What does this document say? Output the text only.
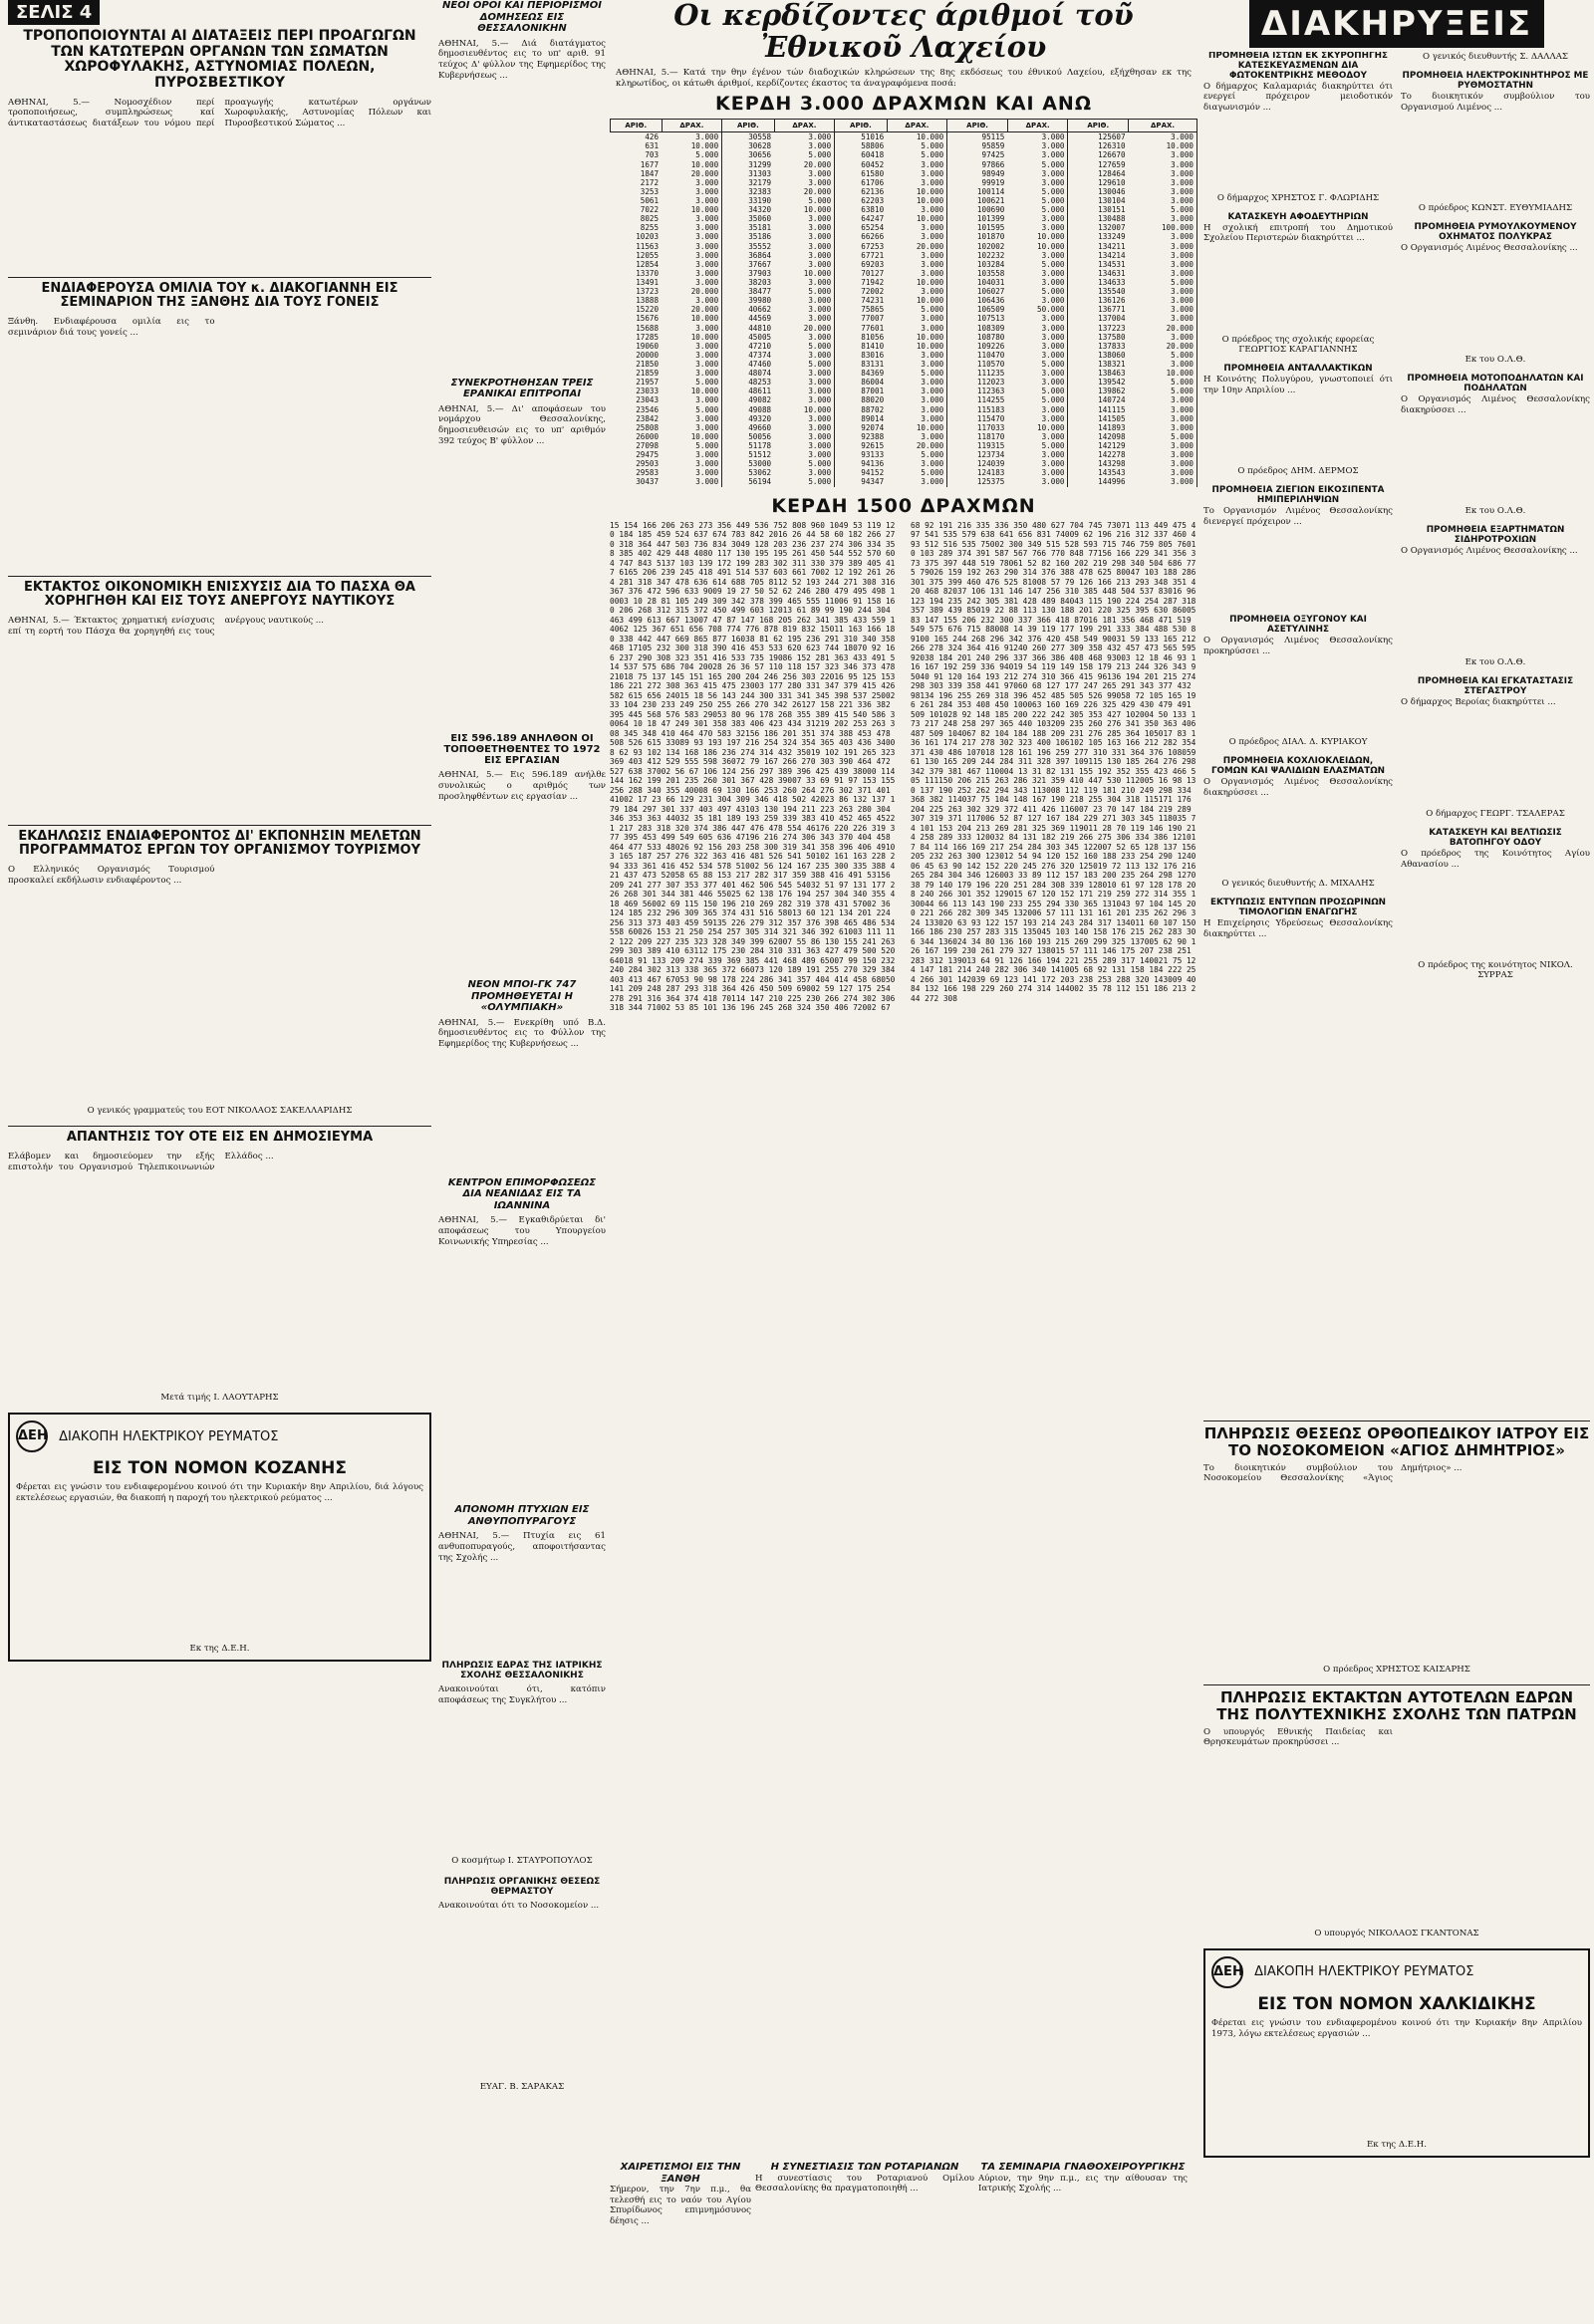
ΣΕΛΙΣ 4
ΤΡΟΠΟΠΟΙΟΥΝΤΑΙ ΑΙ ΔΙΑΤΑΞΕΙΣ ΠΕΡΙ ΠΡΟΑΓΩΓΩΝ ΤΩΝ ΚΑΤΩΤΕΡΩΝ ΟΡΓΑΝΩΝ ΤΩΝ ΣΩΜΑΤΩΝ ΧΩΡΟΦΥΛΑΚΗΣ, ΑΣΤΥΝΟΜΙΑΣ ΠΟΛΕΩΝ, ΠΥΡΟΣΒΕΣΤΙΚΟΥ
ΑΘΗΝΑΙ, 5.— Νομοσχέδιον περί τροποποιήσεως, συμπληρώσεως καί άντικαταστάσεως διατάξεων του νόμου περί προαγωγής κατωτέρων οργάνων Χωροφυλακής, Αστυνομίας Πόλεων και Πυροσβεστικού Σώματος ...
ΕΝΔΙΑΦΕΡΟΥΣΑ ΟΜΙΛΙΑ ΤΟΥ κ. ΔΙΑΚΟΓΙΑΝΝΗ ΕΙΣ ΣΕΜΙΝΑΡΙΟΝ ΤΗΣ ΞΑΝΘΗΣ ΔΙΑ ΤΟΥΣ ΓΟΝΕΙΣ
Ξάνθη. Ενδιαφέρουσα ομιλία εις το σεμινάριον διά τους γονείς ...
ΕΚΤΑΚΤΟΣ ΟΙΚΟΝΟΜΙΚΗ ΕΝΙΣΧΥΣΙΣ ΔΙΑ ΤΟ ΠΑΣΧΑ ΘΑ ΧΟΡΗΓΗΘΗ ΚΑΙ ΕΙΣ ΤΟΥΣ ΑΝΕΡΓΟΥΣ ΝΑΥΤΙΚΟΥΣ
ΑΘΗΝΑΙ, 5.— Έκτακτος χρηματική ενίσχυσις επί τη εορτή του Πάσχα θα χορηγηθή εις τους ανέργους ναυτικούς ...
ΕΚΔΗΛΩΣΙΣ ΕΝΔΙΑΦΕΡΟΝΤΟΣ ΔΙ' ΕΚΠΟΝΗΣΙΝ ΜΕΛΕΤΩΝ ΠΡΟΓΡΑΜΜΑΤΟΣ ΕΡΓΩΝ ΤΟΥ ΟΡΓΑΝΙΣΜΟΥ ΤΟΥΡΙΣΜΟΥ
Ο Ελληνικός Οργανισμός Τουρισμού προσκαλεί εκδήλωσιν ενδιαφέροντος ...
Ο γενικός γραμματεύς του ΕΟΤ ΝΙΚΟΛΑΟΣ ΣΑΚΕΛΛΑΡΙΔΗΣ
ΑΠΑΝΤΗΣΙΣ ΤΟΥ ΟΤΕ ΕΙΣ ΕΝ ΔΗΜΟΣΙΕΥΜΑ
Ελάβομεν και δημοσιεύομεν την εξής επιστολήν του Οργανισμού Τηλεπικοινωνιών Ελλάδος ...
Μετά τιμής Ι. ΛΑΟΥΤΑΡΗΣ
ΔΕΗ ΔΙΑΚΟΠΗ ΗΛΕΚΤΡΙΚΟΥ ΡΕΥΜΑΤΟΣ
ΕΙΣ ΤΟΝ ΝΟΜΟΝ ΚΟΖΑΝΗΣ
Φέρεται εις γνώσιν του ενδιαφερομένου κοινού ότι την Κυριακήν 8ην Απριλίου, διά λόγους εκτελέσεως εργασιών, θα διακοπή η παροχή του ηλεκτρικού ρεύματος ...
Εκ της Δ.Ε.Η.
ΝΕΟΙ ΟΡΟΙ ΚΑΙ ΠΕΡΙΟΡΙΣΜΟΙ ΔΟΜΗΣΕΩΣ ΕΙΣ ΘΕΣΣΑΛΟΝΙΚΗΝ
ΑΘΗΝΑΙ, 5.— Διά διατάγματος δημοσιευθέντος εις το υπ' αριθ. 91 τεύχος Δ' φύλλον της Εφημερίδος της Κυβερνήσεως ...
ΣΥΝΕΚΡΟΤΗΘΗΣΑΝ ΤΡΕΙΣ ΕΡΑΝΙΚΑΙ ΕΠΙΤΡΟΠΑΙ
ΑΘΗΝΑΙ, 5.— Δι' αποφάσεων του νομάρχου Θεσσαλονίκης, δημοσιευθεισών εις το υπ' αριθμόν 392 τεύχος Β' φύλλον ...
ΕΙΣ 596.189 ΑΝΗΛΘΟΝ ΟΙ ΤΟΠΟΘΕΤΗΘΕΝΤΕΣ ΤΟ 1972 ΕΙΣ ΕΡΓΑΣΙΑΝ
ΑΘΗΝΑΙ, 5.— Εις 596.189 ανήλθε συνολικώς ο αριθμός των προσληφθέντων εις εργασίαν ...
ΝΕΟΝ ΜΠΟΙ-ΓΚ 747 ΠΡΟΜΗΘΕΥΕΤΑΙ Η «ΟΛΥΜΠΙΑΚΗ»
ΑΘΗΝΑΙ, 5.— Ενεκρίθη υπό Β.Δ. δημοσιευθέντος εις το Φύλλον της Εφημερίδος της Κυβερνήσεως ...
ΚΕΝΤΡΟΝ ΕΠΙΜΟΡΦΩΣΕΩΣ ΔΙΑ ΝΕΑΝΙΔΑΣ ΕΙΣ ΤΑ ΙΩΑΝΝΙΝΑ
ΑΘΗΝΑΙ, 5.— Εγκαθιδρύεται δι' αποφάσεως του Υπουργείου Κοινωνικής Υπηρεσίας ...
ΑΠΟΝΟΜΗ ΠΤΥΧΙΩΝ ΕΙΣ ΑΝΘΥΠΟΠΥΡΑΓΟΥΣ
ΑΘΗΝΑΙ, 5.— Πτυχία εις 61 ανθυποπυραγούς, αποφοιτήσαντας της Σχολής ...
ΠΛΗΡΩΣΙΣ ΕΔΡΑΣ ΤΗΣ ΙΑΤΡΙΚΗΣ ΣΧΟΛΗΣ ΘΕΣΣΑΛΟΝΙΚΗΣ
Ανακοινούται ότι, κατόπιν αποφάσεως της Συγκλήτου ...
Ο κοσμήτωρ Ι. ΣΤΑΥΡΟΠΟΥΛΟΣ
ΠΛΗΡΩΣΙΣ ΟΡΓΑΝΙΚΗΣ ΘΕΣΕΩΣ ΘΕΡΜΑΣΤΟΥ
Ανακοινούται ότι το Νοσοκομείον ...
ΕΥΑΓ. Β. ΣΑΡΑΚΑΣ
Οι κερδίζοντες άριθμοί τοῦ Ἐθνικοῦ Λαχείου
ΑΘΗΝΑΙ, 5.— Κατά την θην έγένον τών διαδοχικών κληρώσεων της 8ης εκδόσεως του έθνικού Λαχείου, εξήχθησαν εκ της κληρωτίδος, οι κάτωθι άριθμοί, κερδίζοντες έκαστος τα άναγραφόμενα ποσά:
ΚΕΡΔΗ 3.000 ΔΡΑΧΜΩΝ ΚΑΙ ΑΝΩ
ΑΡΙΘ.	ΔΡΑΧ.	ΑΡΙΘ.	ΔΡΑΧ.	ΑΡΙΘ.	ΔΡΑΧ.	ΑΡΙΘ.	ΔΡΑΧ.	ΑΡΙΘ.	ΔΡΑΧ.
426	3.000	30558	3.000	51016	10.000	95115	3.000	125607	3.000
631	10.000	30628	3.000	58806	5.000	95859	3.000	126310	10.000
703	5.000	30656	5.000	60418	5.000	97425	3.000	126670	3.000
1677	10.000	31299	20.000	60452	3.000	97866	5.000	127659	3.000
1847	20.000	31303	3.000	61580	3.000	98949	3.000	128464	3.000
2172	3.000	32179	3.000	61706	3.000	99919	3.000	129610	3.000
3253	3.000	32383	20.000	62136	10.000	100114	5.000	130046	3.000
5061	3.000	33190	5.000	62203	10.000	100621	5.000	130104	3.000
7022	10.000	34320	10.000	63810	3.000	100690	5.000	130151	5.000
8025	3.000	35060	3.000	64247	10.000	101399	3.000	130488	3.000
8255	3.000	35181	3.000	65254	3.000	101595	3.000	132007	100.000
10203	3.000	35186	3.000	66266	3.000	101870	10.000	133249	3.000
11563	3.000	35552	3.000	67253	20.000	102002	10.000	134211	3.000
12055	3.000	36864	3.000	67721	3.000	102232	3.000	134214	3.000
12854	3.000	37667	3.000	69203	3.000	103284	5.000	134531	3.000
13370	3.000	37903	10.000	70127	3.000	103558	3.000	134631	3.000
13491	3.000	38203	3.000	71942	10.000	104031	3.000	134633	5.000
13723	20.000	38477	5.000	72002	3.000	106027	5.000	135540	3.000
13888	3.000	39980	3.000	74231	10.000	106436	3.000	136126	3.000
15220	20.000	40662	3.000	75865	5.000	106509	50.000	136771	3.000
15676	10.000	44569	3.000	77007	3.000	107513	3.000	137004	3.000
15688	3.000	44810	20.000	77601	3.000	108309	3.000	137223	20.000
17285	10.000	45005	3.000	81056	10.000	108780	3.000	137580	3.000
19060	3.000	47210	5.000	81410	10.000	109226	3.000	137833	20.000
20000	3.000	47374	3.000	83016	3.000	110470	3.000	138060	5.000
21850	3.000	47460	5.000	83131	3.000	110570	5.000	138321	3.000
21859	3.000	48074	3.000	84369	5.000	111235	3.000	138463	10.000
21957	5.000	48253	3.000	86004	3.000	112023	3.000	139542	5.000
23033	10.000	48611	3.000	87001	3.000	112363	5.000	139862	5.000
23043	3.000	49082	3.000	88020	3.000	114255	5.000	140724	3.000
23546	5.000	49088	10.000	88702	3.000	115183	3.000	141115	3.000
23842	3.000	49320	3.000	89014	3.000	115470	3.000	141505	3.000
25808	3.000	49660	3.000	92074	10.000	117033	10.000	141893	3.000
26000	10.000	50056	3.000	92388	3.000	118170	3.000	142098	5.000
27098	5.000	51178	3.000	92615	20.000	119315	5.000	142129	3.000
29475	3.000	51512	3.000	93133	5.000	123734	3.000	142278	3.000
29503	3.000	53000	5.000	94136	3.000	124039	3.000	143298	3.000
29583	3.000	53062	3.000	94152	5.000	124183	3.000	143543	3.000
30437	3.000	56194	5.000	94347	3.000	125375	3.000	144996	3.000
ΚΕΡΔΗ 1500 ΔΡΑΧΜΩΝ
15 154 166 206 263 273 356 449 536 752 808 960 1049 53 119 120 184 185 459 524 637 674 783 842 2016 26 44 58 60 182 266 270 318 364 447 503 736 834 3049 128 203 236 237 274 306 334 358 385 402 429 448 4080 117 130 195 195 261 450 544 552 570 604 747 843 5137 103 139 172 199 283 302 311 330 379 389 405 417 6165 206 239 245 418 491 514 537 603 661 7002 12 192 261 264 281 318 347 478 636 614 688 705 8112 52 193 244 271 308 316 367 376 472 596 633 9009 19 27 50 52 62 246 280 479 495 498 10003 10 28 81 105 249 309 342 378 399 465 555 11006 91 158 160 206 268 312 315 372 450 499 603 12013 61 89 99 190 244 304 463 499 613 667 13007 47 87 147 168 205 262 341 385 433 559 14062 125 367 651 656 708 774 776 878 819 832 15011 163 166 180 338 442 447 669 865 877 16038 81 62 195 236 291 310 340 358 468 17105 232 300 318 390 416 453 533 620 623 744 18070 92 166 237 290 308 323 351 416 533 735 19086 152 281 363 433 491 514 537 575 686 704 20028 26 36 57 110 118 157 323 346 373 478 21018 75 137 145 151 165 200 204 246 256 303 22016 95 125 153 186 221 272 308 363 415 475 23003 177 280 331 347 379 415 426 582 615 656 24015 18 56 143 244 300 331 341 345 398 537 25002 33 104 230 233 249 250 255 266 270 342 26127 158 221 336 382 395 445 568 576 583 29053 80 96 178 268 355 389 415 540 586 30064 10 18 47 249 301 358 383 406 423 434 31219 202 253 263 308 345 348 410 464 470 583 32156 186 201 351 374 388 453 478 508 526 615 33089 93 193 197 216 254 324 354 365 403 436 34008 62 93 102 134 168 186 236 274 314 432 35019 102 191 265 323 369 403 412 529 555 598 36072 79 167 266 270 303 390 464 472 527 638 37002 56 67 106 124 256 297 389 396 425 439 38000 114 144 162 199 201 235 260 301 367 428 39007 33 69 91 97 153 155 256 288 340 355 40008 69 130 166 253 260 264 276 302 371 401 41002 17 23 66 129 231 304 309 346 418 502 42023 86 132 137 179 184 297 301 337 403 497 43103 130 194 211 223 263 280 304 346 353 363 44032 35 181 189 193 259 339 383 410 452 465 45221 217 283 318 320 374 386 447 476 478 554 46176 220 226 319 377 395 453 499 549 605 636 47196 216 274 306 343 370 404 458 464 477 533 48026 92 156 203 258 300 319 341 358 396 406 49103 165 187 257 276 322 363 416 481 526 541 50102 161 163 228 294 333 361 416 452 534 578 51002 56 124 167 235 300 335 388 421 437 473 52058 65 88 153 217 282 317 359 388 416 491 53156 209 241 277 307 353 377 401 462 506 545 54032 51 97 131 177 226 268 301 344 381 446 55025 62 138 176 194 257 304 340 355 418 469 56002 69 115 150 196 210 269 282 319 378 431 57002 36 124 185 232 296 309 365 374 431 516 58013 60 121 134 201 224 256 313 373 403 459 59135 226 279 312 357 376 398 465 486 534 558 60026 153 21 250 254 257 305 314 321 346 392 61003 111 112 122 209 227 235 323 328 349 399 62007 55 86 130 155 241 263 299 303 389 410 63112 175 230 284 310 331 363 427 479 500 520 64018 91 133 209 274 339 369 385 441 468 489 65007 99 150 232 240 284 302 313 338 365 372 66073 120 189 191 255 270 329 384 403 413 467 67053 90 98 178 224 286 341 357 404 414 458 68050 141 209 248 287 293 318 364 426 450 509 69002 59 127 175 254 278 291 316 364 374 418 70114 147 210 225 230 266 274 302 306 318 344 71002 53 85 101 136 196 245 268 324 350 406 72002 67 68 92 191 216 335 336 350 480 627 704 745 73071 113 449 475 497 541 535 579 638 641 656 831 74009 62 196 216 312 337 460 493 512 516 535 75002 300 349 515 528 593 715 746 759 805 76010 103 289 374 391 587 567 766 770 848 77156 166 229 341 356 373 375 397 448 519 78061 52 82 160 202 219 298 340 504 686 775 79026 159 192 263 290 314 376 388 478 625 80047 103 188 286 301 375 399 460 476 525 81008 57 79 126 166 213 293 348 351 420 468 82037 106 131 146 147 256 310 385 448 504 537 83016 96 123 194 235 242 305 381 428 489 84043 115 190 224 254 287 318 357 389 439 85019 22 88 113 130 188 201 220 325 395 630 86005 83 147 155 206 232 300 337 366 418 87016 181 356 468 471 519 549 575 676 715 88008 14 39 119 177 199 291 333 384 488 530 89100 165 244 268 296 342 376 420 458 549 90031 59 133 165 212 266 278 324 364 416 91240 260 277 309 358 432 457 473 565 595 92038 184 201 240 296 337 366 386 408 468 93003 12 18 46 93 116 167 192 259 336 94019 54 119 149 158 179 213 244 326 343 95040 91 120 164 193 212 274 310 366 415 96136 194 201 215 274 298 303 339 358 441 97060 68 127 177 247 265 291 343 377 432 98134 196 255 269 318 396 452 485 505 526 99058 72 105 165 196 261 284 353 408 450 100063 160 169 226 325 429 430 479 491 509 101028 92 148 185 200 222 242 305 353 427 102004 50 133 173 217 248 258 297 365 440 103209 235 260 276 341 350 363 406 487 509 104067 82 104 184 188 209 231 276 285 364 105017 83 136 161 174 217 278 302 323 400 106102 105 163 166 212 282 354 371 430 486 107018 128 161 196 259 277 310 331 364 376 108059 61 130 165 209 244 284 311 328 397 109115 130 185 264 276 298 342 379 381 467 110004 13 31 82 131 155 192 352 355 423 466 505 111150 206 215 263 286 321 359 410 447 530 112005 16 98 130 137 190 252 262 294 343 113008 112 119 181 210 249 298 334 368 382 114037 75 104 148 167 190 218 255 304 318 115171 176 204 225 263 302 329 372 411 426 116007 23 70 147 184 219 289 307 319 371 117006 52 87 127 167 184 229 271 303 345 118035 74 101 153 204 213 269 281 325 369 119011 28 70 119 146 190 214 258 289 333 120032 84 131 182 219 266 275 306 334 386 121017 84 114 166 169 217 254 284 303 345 122007 52 65 128 137 156 205 232 263 300 123012 54 94 120 152 160 188 233 254 290 124006 45 63 90 142 152 220 245 276 320 125019 72 113 132 176 216 265 284 304 346 126003 33 89 112 157 183 200 235 264 298 127038 79 140 179 196 220 251 284 308 339 128010 61 97 128 178 208 240 266 301 352 129015 67 120 152 171 219 259 272 314 355 130044 66 113 143 190 233 255 294 330 365 131043 97 104 145 200 221 266 282 309 345 132006 57 111 131 161 201 235 262 296 324 133020 63 93 122 157 193 214 243 284 317 134011 60 107 150 166 186 230 257 283 315 135045 103 140 158 176 215 262 283 306 344 136024 34 80 136 160 193 215 269 299 325 137005 62 90 126 167 199 230 261 279 327 138015 57 111 146 175 207 238 251 283 312 139013 64 91 126 166 194 221 255 289 317 140021 75 124 147 181 214 240 282 306 340 141005 68 92 131 158 184 222 254 266 301 142039 69 123 141 172 203 238 253 288 320 143009 40 84 132 166 198 229 260 274 314 144002 35 78 112 151 186 213 244 272 308
ΧΑΙΡΕΤΙΣΜΟΙ ΕΙΣ ΤΗΝ ΞΑΝΘΗ
Σήμερον, την 7ην π.μ., θα τελεσθή εις το ναόν του Αγίου Σπυρίδωνος επιμνημόσυνος δέησις ...
Η ΣΥΝΕΣΤΙΑΣΙΣ ΤΩΝ ΡΟΤΑΡΙΑΝΩΝ
Η συνεστίασις του Ροταριανού Ομίλου Θεσσαλονίκης θα πραγματοποιηθή ...
ΤΑ ΣΕΜΙΝΑΡΙΑ ΓΝΑΘΟΧΕΙΡΟΥΡΓΙΚΗΣ
Αύριον, την 9ην π.μ., εις την αίθουσαν της Ιατρικής Σχολής ...
ΔΙΑΚΗΡΥΞΕΙΣ
ΠΡΟΜΗΘΕΙΑ ΙΣΤΩΝ ΕΚ ΣΚΥΡΟΠΗΓΗΣ ΚΑΤΕΣΚΕΥΑΣΜΕΝΩΝ ΔΙΑ ΦΩΤΟΚΕΝΤΡΙΚΗΣ ΜΕΘΟΔΟΥ
Ο δήμαρχος Καλαμαριάς διακηρύττει ότι ενεργεί πρόχειρον μειοδοτικόν διαγωνισμόν ...
Ο δήμαρχος ΧΡΗΣΤΟΣ Γ. ΦΛΩΡΙΔΗΣ
ΚΑΤΑΣΚΕΥΗ ΑΦΟΔΕΥΤΗΡΙΩΝ
Η σχολική επιτροπή του Δημοτικού Σχολείου Περιστερών διακηρύττει ...
Ο πρόεδρος της σχολικής εφορείας ΓΕΩΡΓΙΟΣ ΚΑΡΑΓΙΑΝΝΗΣ
ΠΡΟΜΗΘΕΙΑ ΑΝΤΑΛΛΑΚΤΙΚΩΝ
Η Κοινότης Πολυγύρου, γνωστοποιεί ότι την 10ην Απριλίου ...
Ο πρόεδρος ΔΗΜ. ΔΕΡΜΟΣ
ΠΡΟΜΗΘΕΙΑ ΖΙΕΓΙΩΝ ΕΙΚΟΣΙΠΕΝΤΑ ΗΜΙΠΕΡΙΛΗΨΙΩΝ
Το Οργανισμόν Λιμένος Θεσσαλονίκης διενεργεί πρόχειρον ...
ΠΡΟΜΗΘΕΙΑ ΟΞΥΓΟΝΟΥ ΚΑΙ ΑΣΕΤΥΛΙΝΗΣ
Ο Οργανισμός Λιμένος Θεσσαλονίκης προκηρύσσει ...
Ο πρόεδρος ΔΙΑΛ. Δ. ΚΥΡΙΑΚΟΥ
ΠΡΟΜΗΘΕΙΑ ΚΟΧΛΙΟΚΛΕΙΔΩΝ, ΓΟΜΩΝ ΚΑΙ ΨΑΛΙΔΙΩΝ ΕΛΑΣΜΑΤΩΝ
Ο Οργανισμός Λιμένος Θεσσαλονίκης διακηρύσσει ...
Ο γενικός διευθυντής Δ. ΜΙΧΑΛΗΣ
ΕΚΤΥΠΩΣΙΣ ΕΝΤΥΠΩΝ ΠΡΟΣΩΡΙΝΩΝ ΤΙΜΟΛΟΓΙΩΝ ΕΝΑΓΩΓΗΣ
Η Επιχείρησις Υδρεύσεως Θεσσαλονίκης διακηρύττει ...
Ο γενικός διευθυντής Σ. ΔΑΛΛΑΣ
ΠΡΟΜΗΘΕΙΑ ΗΛΕΚΤΡΟΚΙΝΗΤΗΡΟΣ ΜΕ ΡΥΘΜΟΣΤΑΤΗΝ
Το διοικητικόν συμβούλιον του Οργανισμού Λιμένος ...
Ο πρόεδρος ΚΩΝΣΤ. ΕΥΘΥΜΙΑΔΗΣ
ΠΡΟΜΗΘΕΙΑ ΡΥΜΟΥΛΚΟΥΜΕΝΟΥ ΟΧΗΜΑΤΟΣ ΠΟΛΥΚΡΑΣ
Ο Οργανισμός Λιμένος Θεσσαλονίκης ...
Εκ του Ο.Λ.Θ.
ΠΡΟΜΗΘΕΙΑ ΜΟΤΟΠΟΔΗΛΑΤΩΝ ΚΑΙ ΠΟΔΗΛΑΤΩΝ
Ο Οργανισμός Λιμένος Θεσσαλονίκης διακηρύσσει ...
Εκ του Ο.Λ.Θ.
ΠΡΟΜΗΘΕΙΑ ΕΞΑΡΤΗΜΑΤΩΝ ΣΙΔΗΡΟΤΡΟΧΙΩΝ
Ο Οργανισμός Λιμένος Θεσσαλονίκης ...
Εκ του Ο.Λ.Θ.
ΠΡΟΜΗΘΕΙΑ ΚΑΙ ΕΓΚΑΤΑΣΤΑΣΙΣ ΣΤΕΓΑΣΤΡΟΥ
Ο δήμαρχος Βεροίας διακηρύττει ...
Ο δήμαρχος ΓΕΩΡΓ. ΤΣΑΛΕΡΑΣ
ΚΑΤΑΣΚΕΥΗ ΚΑΙ ΒΕΛΤΙΩΣΙΣ ΒΑΤΟΠΗΓΟΥ ΟΔΟΥ
Ο πρόεδρος της Κοινότητος Αγίου Αθανασίου ...
Ο πρόεδρος της κοινότητος ΝΙΚΟΛ. ΣΥΡΡΑΣ
ΠΛΗΡΩΣΙΣ ΘΕΣΕΩΣ ΟΡΘΟΠΕΔΙΚΟΥ ΙΑΤΡΟΥ ΕΙΣ ΤΟ ΝΟΣΟΚΟΜΕΙΟΝ «ΑΓΙΟΣ ΔΗΜΗΤΡΙΟΣ»
Το διοικητικόν συμβούλιον του Νοσοκομείου Θεσσαλονίκης «Άγιος Δημήτριος» ...
Ο πρόεδρος ΧΡΗΣΤΟΣ ΚΑΙΣΑΡΗΣ
ΠΛΗΡΩΣΙΣ ΕΚΤΑΚΤΩΝ ΑΥΤΟΤΕΛΩΝ ΕΔΡΩΝ ΤΗΣ ΠΟΛΥΤΕΧΝΙΚΗΣ ΣΧΟΛΗΣ ΤΩΝ ΠΑΤΡΩΝ
Ο υπουργός Εθνικής Παιδείας και Θρησκευμάτων προκηρύσσει ...
Ο υπουργός ΝΙΚΟΛΑΟΣ ΓΚΑΝΤΟΝΑΣ
ΔΕΗ ΔΙΑΚΟΠΗ ΗΛΕΚΤΡΙΚΟΥ ΡΕΥΜΑΤΟΣ
ΕΙΣ ΤΟΝ ΝΟΜΟΝ ΧΑΛΚΙΔΙΚΗΣ
Φέρεται εις γνώσιν του ενδιαφερομένου κοινού ότι την Κυριακήν 8ην Απριλίου 1973, λόγω εκτελέσεως εργασιών ...
Εκ της Δ.Ε.Η.
